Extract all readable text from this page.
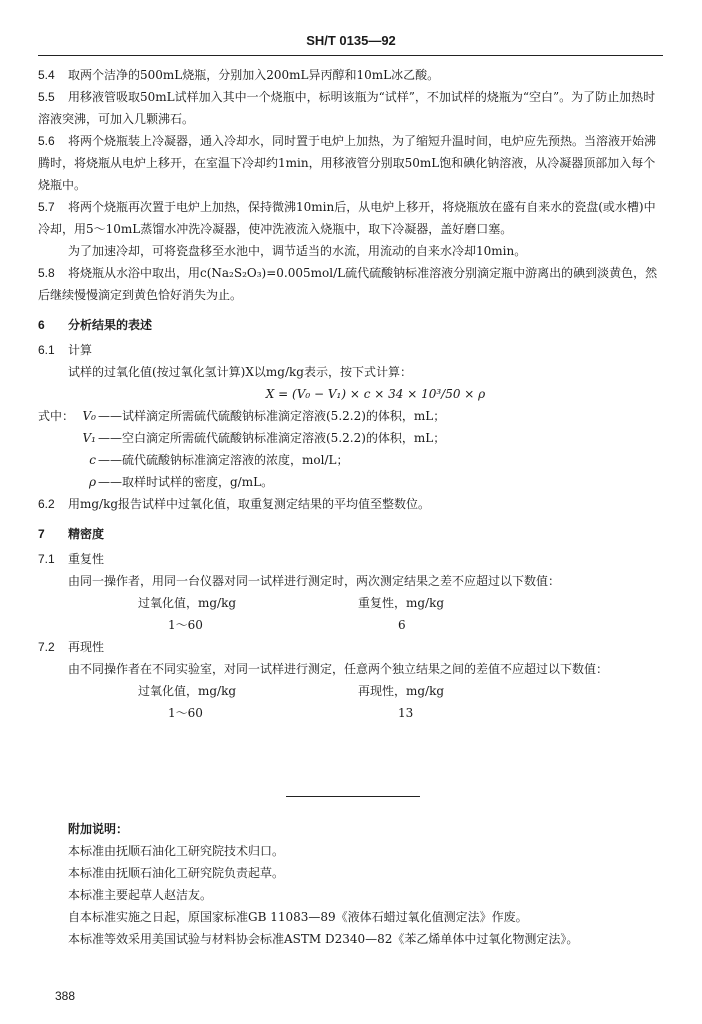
SH/T 0135—92

5.4 取两个洁净的500mL烧瓶，分别加入200mL异丙醇和10mL冰乙酸。

5.5 用移液管吸取50mL试样加入其中一个烧瓶中，标明该瓶为“试样”，不加试样的烧瓶为“空白”。为了防止加热时溶液突沸，可加入几颗沸石。

5.6 将两个烧瓶装上冷凝器，通入冷却水，同时置于电炉上加热，为了缩短升温时间，电炉应先预热。当溶液开始沸腾时，将烧瓶从电炉上移开，在室温下冷却约1min，用移液管分别取50mL饱和碘化钠溶液，从冷凝器顶部加入每个烧瓶中。

5.7 将两个烧瓶再次置于电炉上加热，保持微沸10min后，从电炉上移开，将烧瓶放在盛有自来水的瓷盘(或水槽)中冷却，用5～10mL蒸馏水冲洗冷凝器，使冲洗液流入烧瓶中，取下冷凝器，盖好磨口塞。

为了加速冷却，可将瓷盘移至水池中，调节适当的水流，用流动的自来水冷却10min。

5.8 将烧瓶从水浴中取出，用c(Na₂S₂O₃)=0.005mol/L硫代硫酸钠标准溶液分别滴定瓶中游离出的碘到淡黄色，然后继续慢慢滴定到黄色恰好消失为止。

6 分析结果的表述

6.1 计算

试样的过氧化值(按过氧化氢计算)X以mg/kg表示，按下式计算：

X = (V₀ − V₁) × c × 34 × 10³/50 × ρ

式中： V₀ ——试样滴定所需硫代硫酸钠标准滴定溶液(5.2.2)的体积，mL；
V₁ ——空白滴定所需硫代硫酸钠标准滴定溶液(5.2.2)的体积，mL；
c ——硫代硫酸钠标准滴定溶液的浓度，mol/L；
ρ ——取样时试样的密度，g/mL。

6.2 用mg/kg报告试样中过氧化值，取重复测定结果的平均值至整数位。

7 精密度

7.1 重复性

由同一操作者，用同一台仪器对同一试样进行测定时，两次测定结果之差不应超过以下数值：

过氧化值，mg/kg	重复性，mg/kg
1～60	6

7.2 再现性

由不同操作者在不同实验室，对同一试样进行测定，任意两个独立结果之间的差值不应超过以下数值：

过氧化值，mg/kg	再现性，mg/kg
1～60	13

附加说明：

本标准由抚顺石油化工研究院技术归口。

本标准由抚顺石油化工研究院负责起草。

本标准主要起草人赵洁友。

自本标准实施之日起，原国家标准GB 11083—89《液体石蜡过氧化值测定法》作废。

本标准等效采用美国试验与材料协会标准ASTM D2340—82《苯乙烯单体中过氧化物测定法》。

388
